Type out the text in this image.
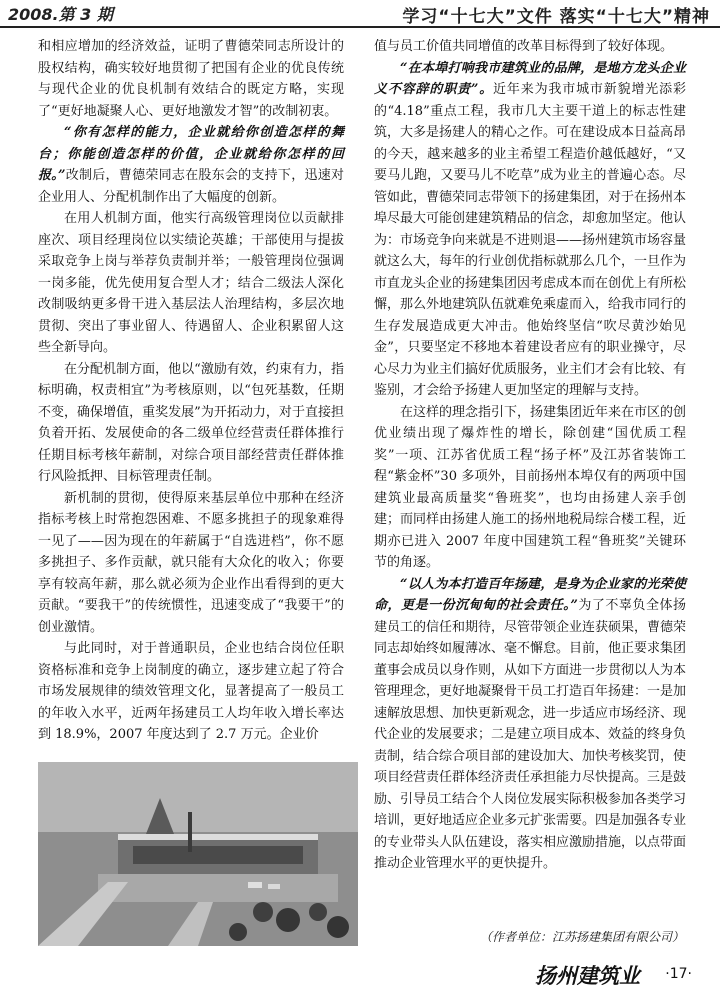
2008.第 3 期	学习“十七大”文件 落实“十七大”精神

和相应增加的经济效益，证明了曹德荣同志所设计的股权结构，确实较好地贯彻了把国有企业的优良传统与现代企业的优良机制有效结合的既定方略，实现了“更好地凝聚人心、更好地激发才智”的改制初衷。

“你有怎样的能力，企业就给你创造怎样的舞台；你能创造怎样的价值，企业就给你怎样的回报。”改制后，曹德荣同志在股东会的支持下，迅速对企业用人、分配机制作出了大幅度的创新。

在用人机制方面，他实行高级管理岗位以贡献排座次、项目经理岗位以实绩论英雄；干部使用与提拔采取竞争上岗与举荐负责制并举；一般管理岗位强调一岗多能，优先使用复合型人才；结合二级法人深化改制吸纳更多骨干进入基层法人治理结构，多层次地贯彻、突出了事业留人、待遇留人、企业积累留人这些全新导向。

在分配机制方面，他以“激励有效，约束有力，指标明确，权责相宜”为考核原则，以“包死基数，任期不变，确保增值，重奖发展”为开拓动力，对于直接担负着开拓、发展使命的各二级单位经营责任群体推行任期目标考核年薪制，对综合项目部经营责任群体推行风险抵押、目标管理责任制。

新机制的贯彻，使得原来基层单位中那种在经济指标考核上时常抱怨困难、不愿多挑担子的现象难得一见了——因为现在的年薪属于“自选进档”，你不愿多挑担子、多作贡献，就只能有大众化的收入；你要享有较高年薪，那么就必须为企业作出看得到的更大贡献。“要我干”的传统惯性，迅速变成了“我要干”的创业激情。

与此同时，对于普通职员，企业也结合岗位任职资格标准和竞争上岗制度的确立，逐步建立起了符合市场发展规律的绩效管理文化，显著提高了一般员工的年收入水平，近两年扬建员工人均年收入增长率达到 18.9%，2007 年度达到了 2.7 万元。企业价

值与员工价值共同增值的改革目标得到了较好体现。

“在本埠打响我市建筑业的品牌，是地方龙头企业义不容辞的职责”。近年来为我市城市新貌增光添彩的“4.18”重点工程，我市几大主要干道上的标志性建筑，大多是扬建人的精心之作。可在建设成本日益高昂的今天，越来越多的业主希望工程造价越低越好，“又要马儿跑，又要马儿不吃草”成为业主的普遍心态。尽管如此，曹德荣同志带领下的扬建集团，对于在扬州本埠尽最大可能创建建筑精品的信念，却愈加坚定。他认为：市场竞争向来就是不进则退——扬州建筑市场容量就这么大，每年的行业创优指标就那么几个，一旦作为市直龙头企业的扬建集团因考虑成本而在创优上有所松懈，那么外地建筑队伍就难免乘虚而入，给我市同行的生存发展造成更大冲击。他始终坚信“吹尽黄沙始见金”，只要坚定不移地本着建设者应有的职业操守，尽心尽力为业主们搞好优质服务，业主们才会有比较、有鉴别，才会给予扬建人更加坚定的理解与支持。

在这样的理念指引下，扬建集团近年来在市区的创优业绩出现了爆炸性的增长，除创建“国优质工程奖”一项、江苏省优质工程“扬子杯”及江苏省装饰工程“紫金杯”30 多项外，目前扬州本埠仅有的两项中国建筑业最高质量奖“鲁班奖”，也均由扬建人亲手创建；而同样由扬建人施工的扬州地税局综合楼工程，近期亦已进入 2007 年度中国建筑工程“鲁班奖”关键环节的角逐。

“以人为本打造百年扬建，是身为企业家的光荣使命，更是一份沉甸甸的社会责任。”为了不辜负全体扬建员工的信任和期待，尽管带领企业连获硕果，曹德荣同志却始终如履薄冰、毫不懈怠。目前，他正要求集团董事会成员以身作则，从如下方面进一步贯彻以人为本管理理念，更好地凝聚骨干员工打造百年扬建：一是加速解放思想、加快更新观念，进一步适应市场经济、现代企业的发展要求；二是建立项目成本、效益的终身负责制，结合综合项目部的建设加大、加快考核奖罚，使项目经营责任群体经济责任承担能力尽快提高。三是鼓励、引导员工结合个人岗位发展实际积极参加各类学习培训，更好地适应企业多元扩张需要。四是加强各专业的专业带头人队伍建设，落实相应激励措施，以点带面推动企业管理水平的更快提升。

（作者单位：江苏扬建集团有限公司）
扬州建筑业 ·17·
